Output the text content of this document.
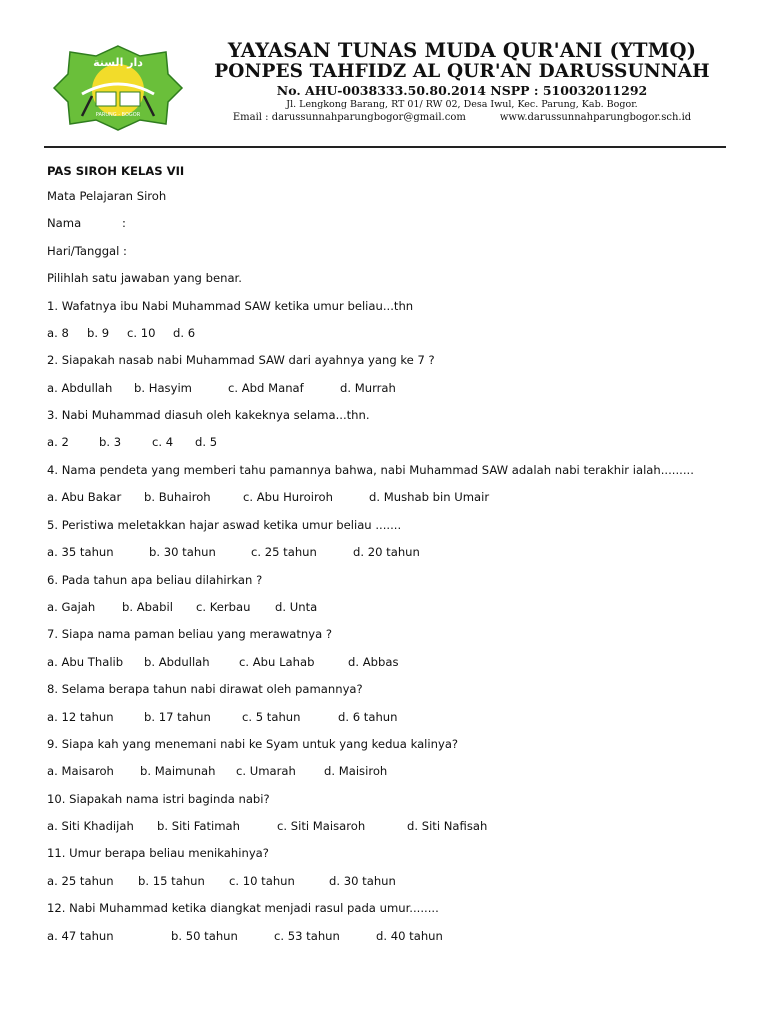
دار السنة
PARUNG - BOGOR
YAYASAN TUNAS MUDA QUR'ANI (YTMQ)
PONPES TAHFIDZ AL QUR'AN DARUSSUNNAH
No. AHU-0038333.50.80.2014 NSPP : 510032011292
Jl. Lengkong Barang, RT 01/ RW 02, Desa Iwul, Kec. Parung, Kab. Bogor.
Email : darussunnahparungbogor@gmail.com	www.darussunnahparungbogor.sch.id
PAS SIROH KELAS VII
Mata Pelajaran Siroh
Nama	:
Hari/Tanggal :
Pilihlah satu jawaban yang benar.
1. Wafatnya ibu Nabi Muhammad SAW ketika umur beliau...thn
a. 8	b. 9	c. 10	d. 6
2. Siapakah nasab nabi Muhammad SAW dari ayahnya yang ke 7 ?
a. Abdullah	b. Hasyim	c. Abd Manaf	d. Murrah
3. Nabi Muhammad diasuh oleh kakeknya selama...thn.
a. 2	b. 3	c. 4	d. 5
4. Nama pendeta yang memberi tahu pamannya bahwa, nabi Muhammad SAW adalah nabi terakhir ialah.........
a. Abu Bakar	b. Buhairoh	c. Abu Huroiroh	d. Mushab bin Umair
5. Peristiwa meletakkan hajar aswad ketika umur beliau .......
a. 35 tahun	b. 30 tahun	c. 25 tahun	d. 20 tahun
6. Pada tahun apa beliau dilahirkan ?
a. Gajah	b. Ababil	c. Kerbau	d. Unta
7. Siapa nama paman beliau yang merawatnya ?
a. Abu Thalib	b. Abdullah	c. Abu Lahab	d. Abbas
8. Selama berapa tahun nabi dirawat oleh pamannya?
a. 12 tahun	b. 17 tahun	c. 5 tahun	d. 6 tahun
9. Siapa kah yang menemani nabi ke Syam untuk yang kedua kalinya?
a. Maisaroh	b. Maimunah	c. Umarah	d. Maisiroh
10. Siapakah nama istri baginda nabi?
a. Siti Khadijah	b. Siti Fatimah	c. Siti Maisaroh	d. Siti Nafisah
11. Umur berapa beliau menikahinya?
a. 25 tahun	b. 15 tahun	c. 10 tahun	d. 30 tahun
12. Nabi Muhammad ketika diangkat menjadi rasul pada umur........
a. 47 tahun	b. 50 tahun	c. 53 tahun	d. 40 tahun
